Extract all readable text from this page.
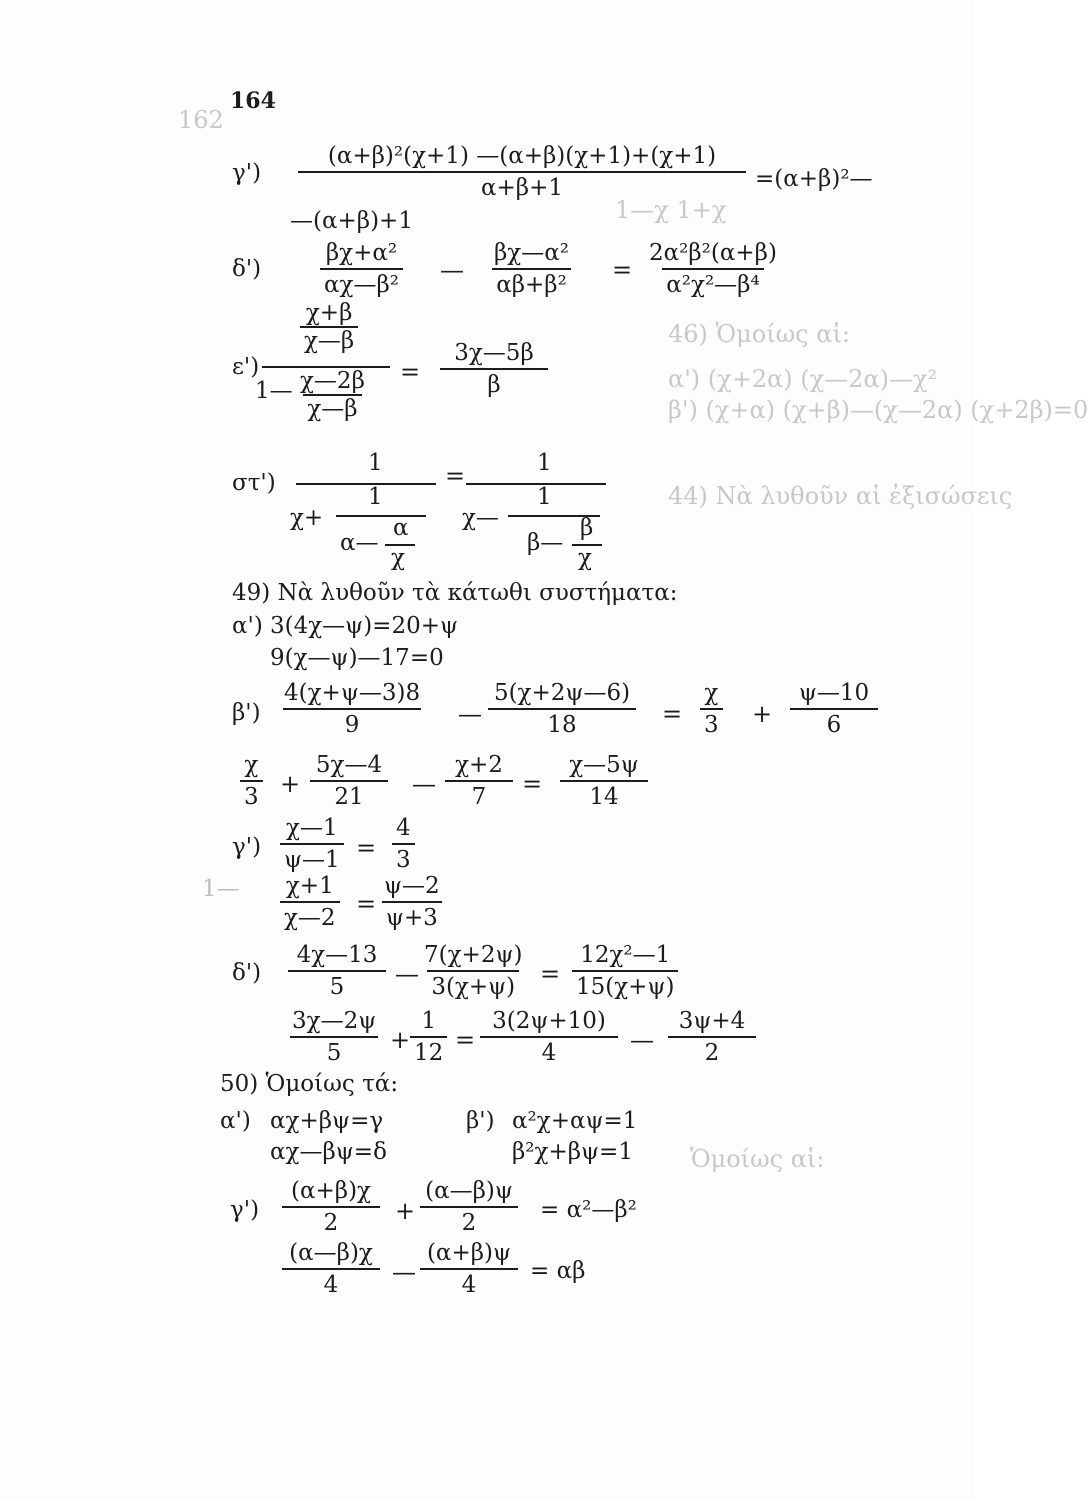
162
1—χ 1+χ
46) Ὁμοίως αἱ:
α') (χ+2α) (χ—2α)—χ²
β') (χ+α) (χ+β)—(χ—2α) (χ+2β)=0
44) Νὰ λυθοῦν αἱ ἐξισώσεις
Ὁμοίως αἱ:
164
$\gamma') \frac{\text{(α+β)²(χ+1) —(α+β)(χ+1)+(χ+1)}}{\alpha+\beta+1}$
=(α+β)²—
—(α+β)+1
δ')	$\frac{\text{βχ+α²}}{\text{αχ—β²}}$ — $\frac{\text{βχ—α²}}{\text{αβ+β²}} = \frac{\text{2α²β²(α+β)}}{\text{α²χ²—β⁴}}$
ε')
$\frac{\chi+\beta}{\chi—\beta}$
1— $\frac{\chi—2\beta}{\chi—\beta} = \frac{3\chi—5\beta}{\beta}$
στ')
1
χ+
1
α—
α
χ
=	1
χ—
1
β—
β
χ
49) Νὰ λυθοῦν τὰ κάτωθι συστήματα:
α') 3(4χ—ψ)=20+ψ
9(χ—ψ)—17=0
$\beta') \frac{4(\chi+\psi—3)8}{9}$ — $\frac{5(\chi+2\psi—6)}{18} = \frac{\chi}{3} + \frac{\psi—10}{6}$
$\frac{\chi}{3} + \frac{5\chi—4}{21}$ — $\frac{\chi+2}{7} = \frac{\chi—5\psi}{14}$
$\gamma') \frac{\chi—1}{\psi—1} = \frac{4}{3}$
1— $\frac{\chi+1}{\chi—2} = \frac{\psi—2}{\psi+3}$
$\delta') \frac{4\chi—13}{5}$ — $\frac{7(\chi+2\psi)}{3(\chi+\psi)} = \frac{\text{12χ²—1}}{15(\chi+\psi)}$
$\frac{3\chi—2\psi}{5} + \frac{1}{12} = \frac{3(2\psi+10)}{4}$ — $\frac{3\psi+4}{2}$
50) Ὁμοίως τά:
α') αχ+βψ=γ
αχ—βψ=δ
β') α²χ+αψ=1
β²χ+βψ=1
$\gamma') \frac{(\alpha+\beta)\chi}{2} + \frac{(\alpha—\beta)\psi}{2}$ = α²—β²
$\frac{(\alpha—\beta)\chi}{4}$ — $\frac{(\alpha+\beta)\psi}{4} = \alpha\beta$
